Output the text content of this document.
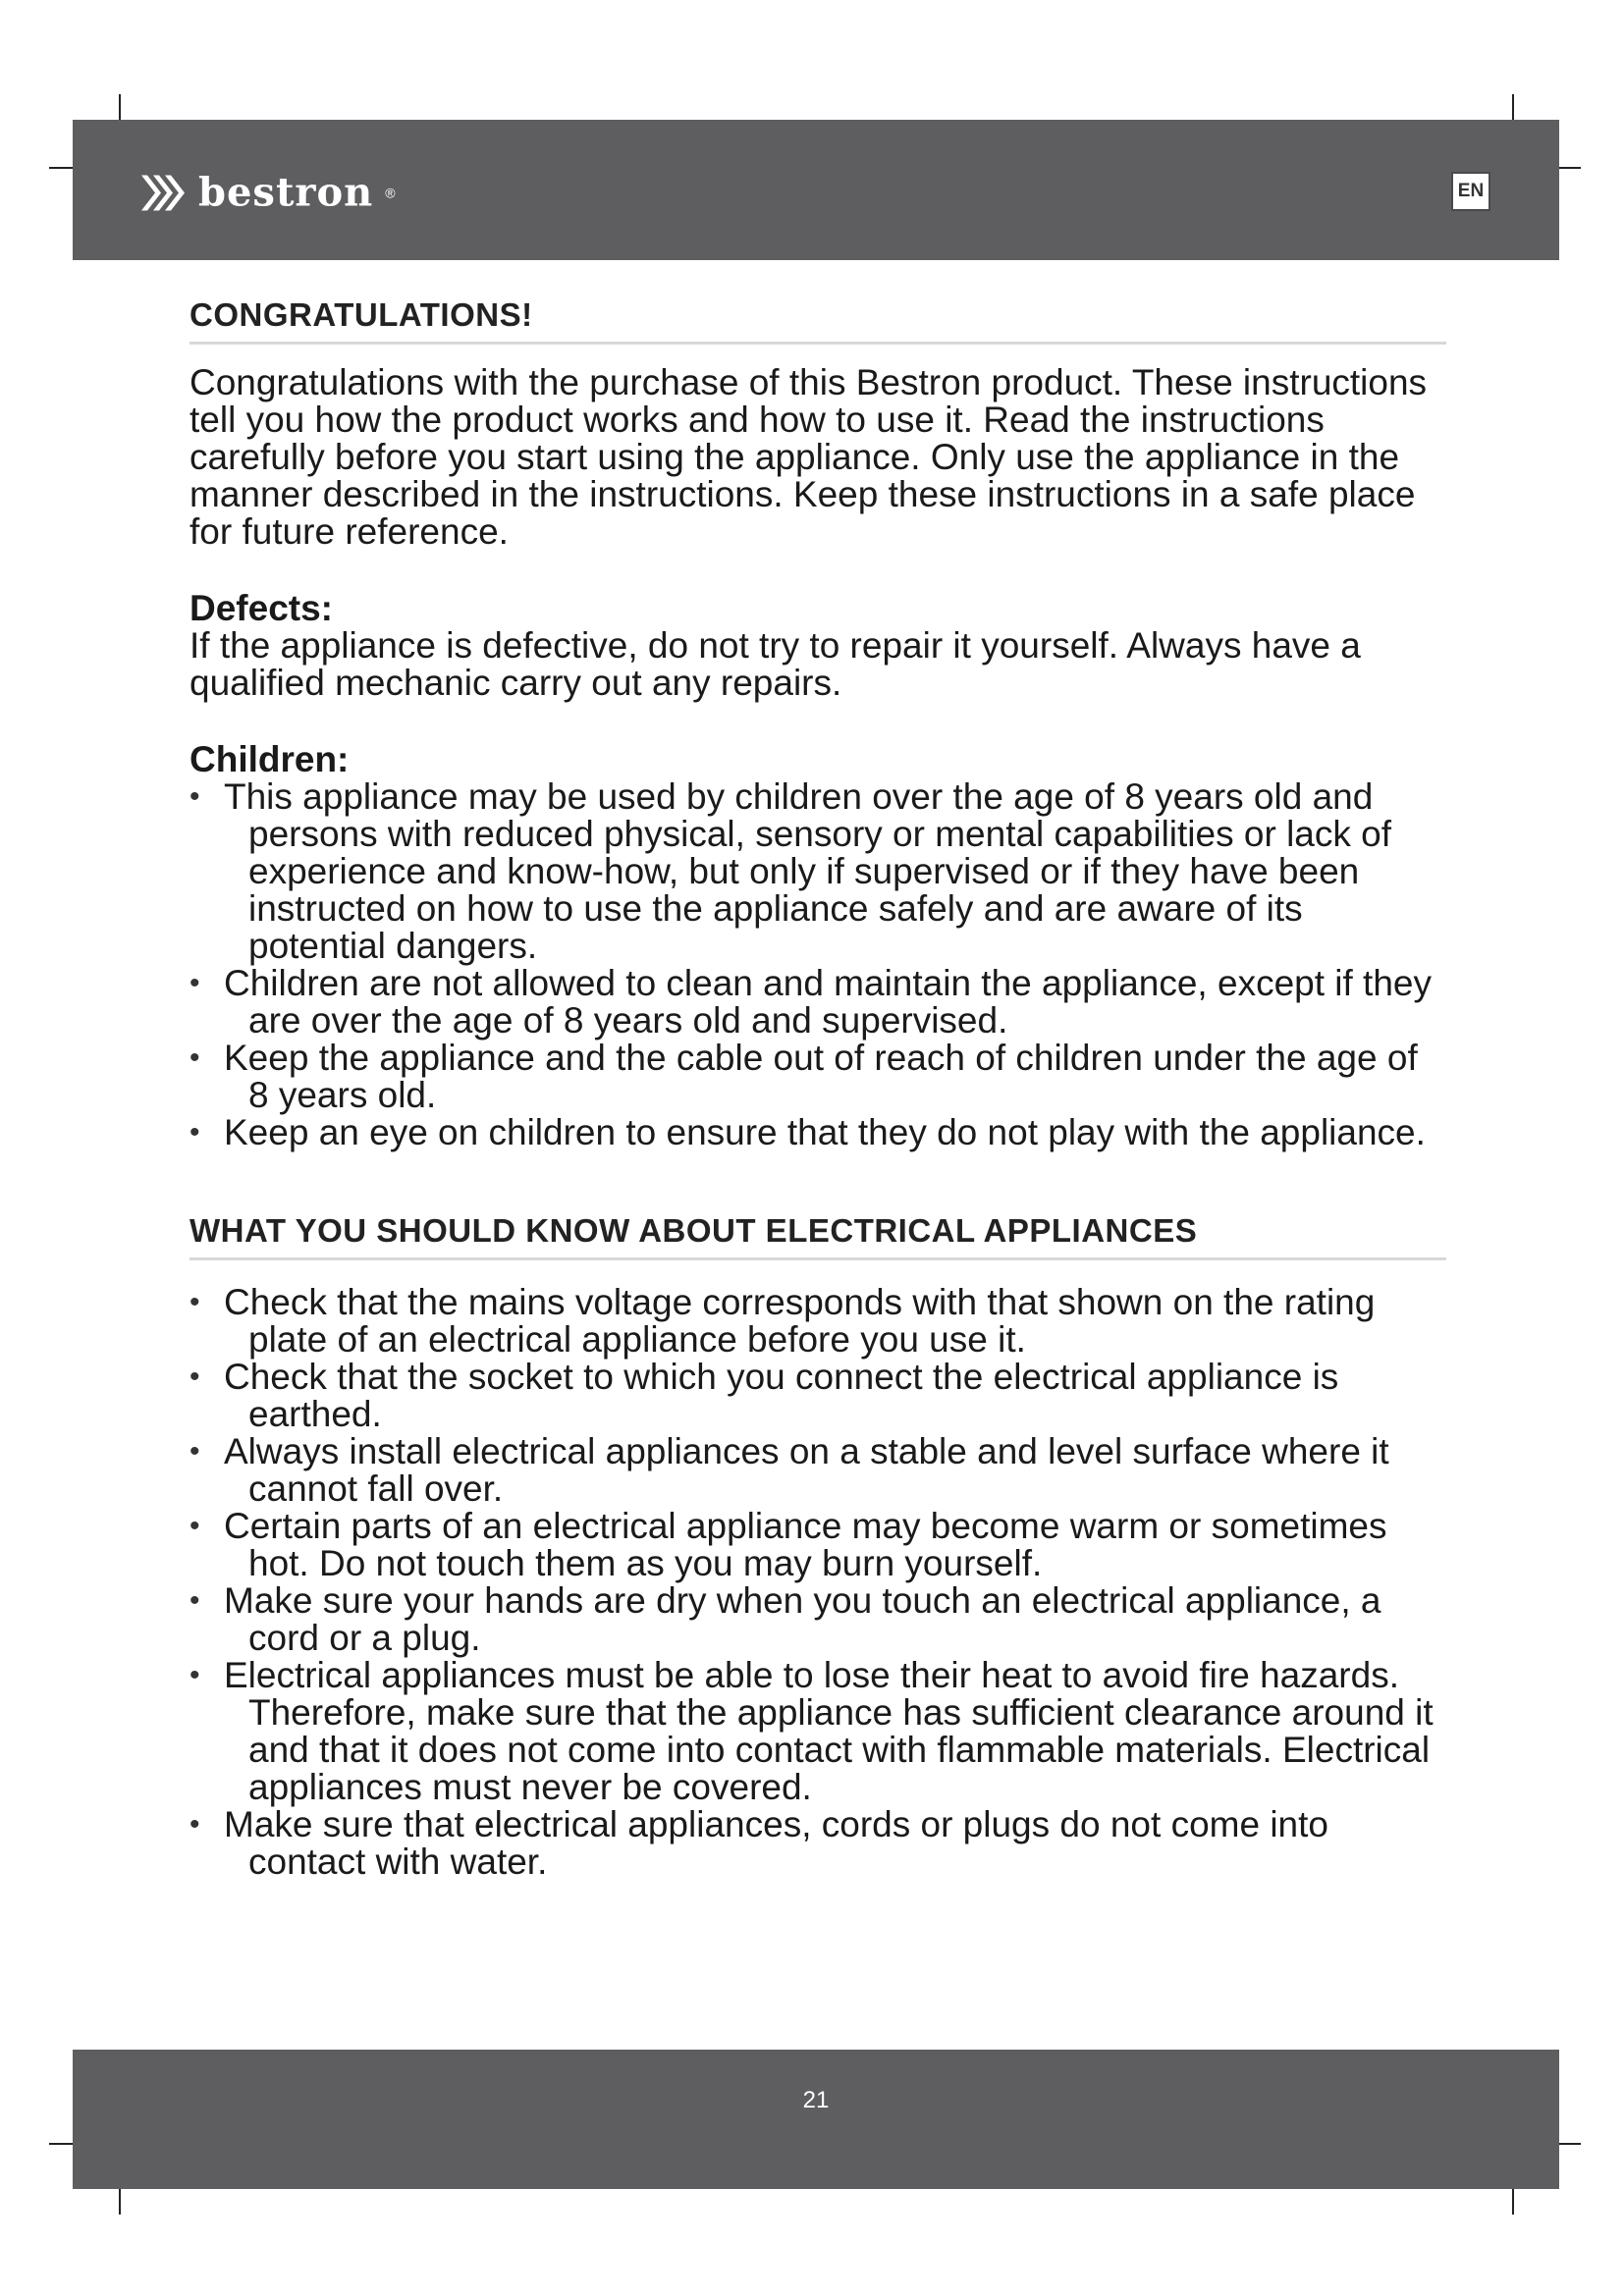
bestron ®	EN
CONGRATULATIONS!

Congratulations with the purchase of this Bestron product. These instructions tell you how the product works and how to use it. Read the instructions carefully before you start using the appliance. Only use the appliance in the manner described in the instructions. Keep these instructions in a safe place for future reference.

Defects:

If the appliance is defective, do not try to repair it yourself. Always have a qualified mechanic carry out any repairs.

Children:

• This appliance may be used by children over the age of 8 years old and persons with reduced physical, sensory or mental capabilities or lack of experience and know-how, but only if supervised or if they have been instructed on how to use the appliance safely and are aware of its potential dangers.
• Children are not allowed to clean and maintain the appliance, except if they are over the age of 8 years old and supervised.
• Keep the appliance and the cable out of reach of children under the age of 8 years old.
• Keep an eye on children to ensure that they do not play with the appliance.
WHAT YOU SHOULD KNOW ABOUT ELECTRICAL APPLIANCES
• Check that the mains voltage corresponds with that shown on the rating plate of an electrical appliance before you use it.
• Check that the socket to which you connect the electrical appliance is earthed.
• Always install electrical appliances on a stable and level surface where it cannot fall over.
• Certain parts of an electrical appliance may become warm or sometimes hot. Do not touch them as you may burn yourself.
• Make sure your hands are dry when you touch an electrical appliance, a cord or a plug.
• Electrical appliances must be able to lose their heat to avoid fire hazards. Therefore, make sure that the appliance has sufficient clearance around it and that it does not come into contact with flammable materials. Electrical appliances must never be covered.
• Make sure that electrical appliances, cords or plugs do not come into contact with water.
21
